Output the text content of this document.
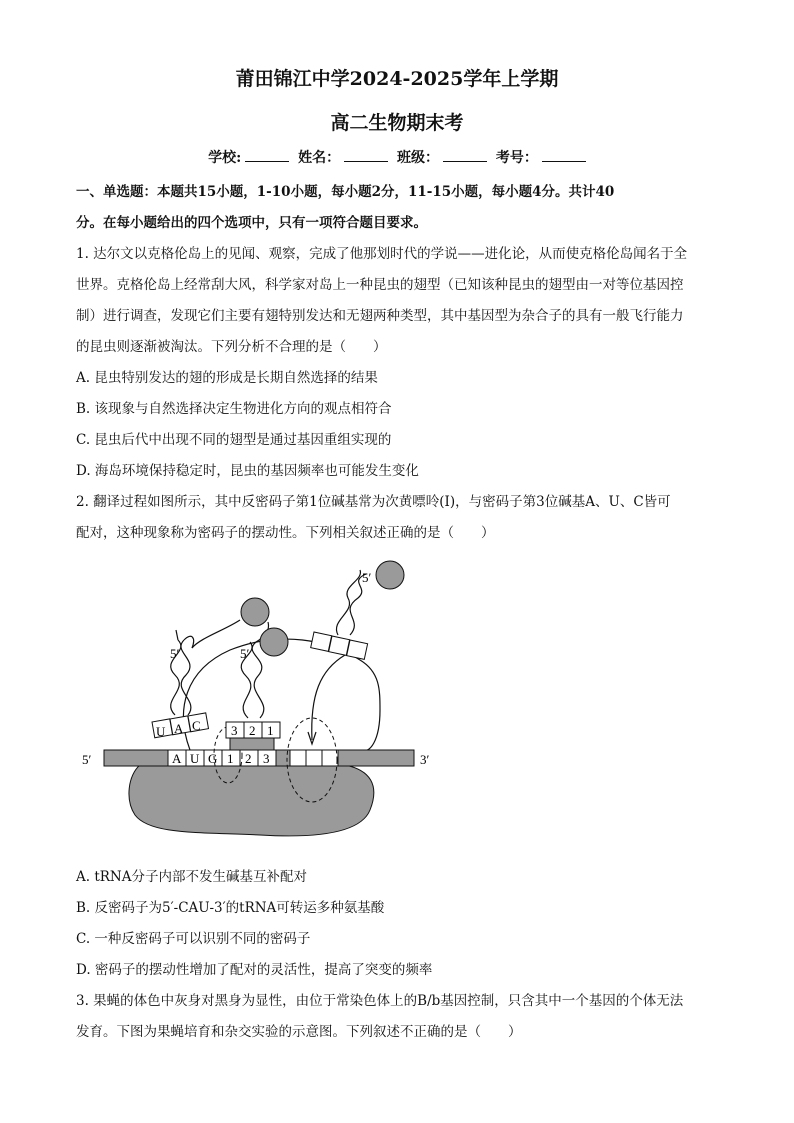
莆田锦江中学2024-2025学年上学期
高二生物期末考
学校:	姓名：	班级：	考号：
一、单选题：本题共15小题，1-10小题，每小题2分，11-15小题，每小题4分。共计40
分。在每小题给出的四个选项中，只有一项符合题目要求。
1. 达尔文以克格伦岛上的见闻、观察，完成了他那划时代的学说——进化论，从而使克格伦岛闻名于全
世界。克格伦岛上经常刮大风，科学家对岛上一种昆虫的翅型（已知该种昆虫的翅型由一对等位基因控
制）进行调查，发现它们主要有翅特别发达和无翅两种类型，其中基因型为杂合子的具有一般飞行能力
的昆虫则逐渐被淘汰。下列分析不合理的是（　　）
A. 昆虫特别发达的翅的形成是长期自然选择的结果
B. 该现象与自然选择决定生物进化方向的观点相符合
C. 昆虫后代中出现不同的翅型是通过基因重组实现的
D. 海岛环境保持稳定时，昆虫的基因频率也可能发生变化
2. 翻译过程如图所示，其中反密码子第1位碱基常为次黄嘌呤(Ⅰ)，与密码子第3位碱基A、U、C皆可
配对，这种现象称为密码子的摆动性。下列相关叙述正确的是（　　）
A U G 1 2 3
5′	3′
5′
U A C
5′
3 2 1
5′
A. tRNA分子内部不发生碱基互补配对
B. 反密码子为5′-CAU-3′的tRNA可转运多种氨基酸
C. 一种反密码子可以识别不同的密码子
D. 密码子的摆动性增加了配对的灵活性，提高了突变的频率
3. 果蝇的体色中灰身对黑身为显性，由位于常染色体上的B/b基因控制，只含其中一个基因的个体无法
发育。下图为果蝇培育和杂交实验的示意图。下列叙述不正确的是（　　）
